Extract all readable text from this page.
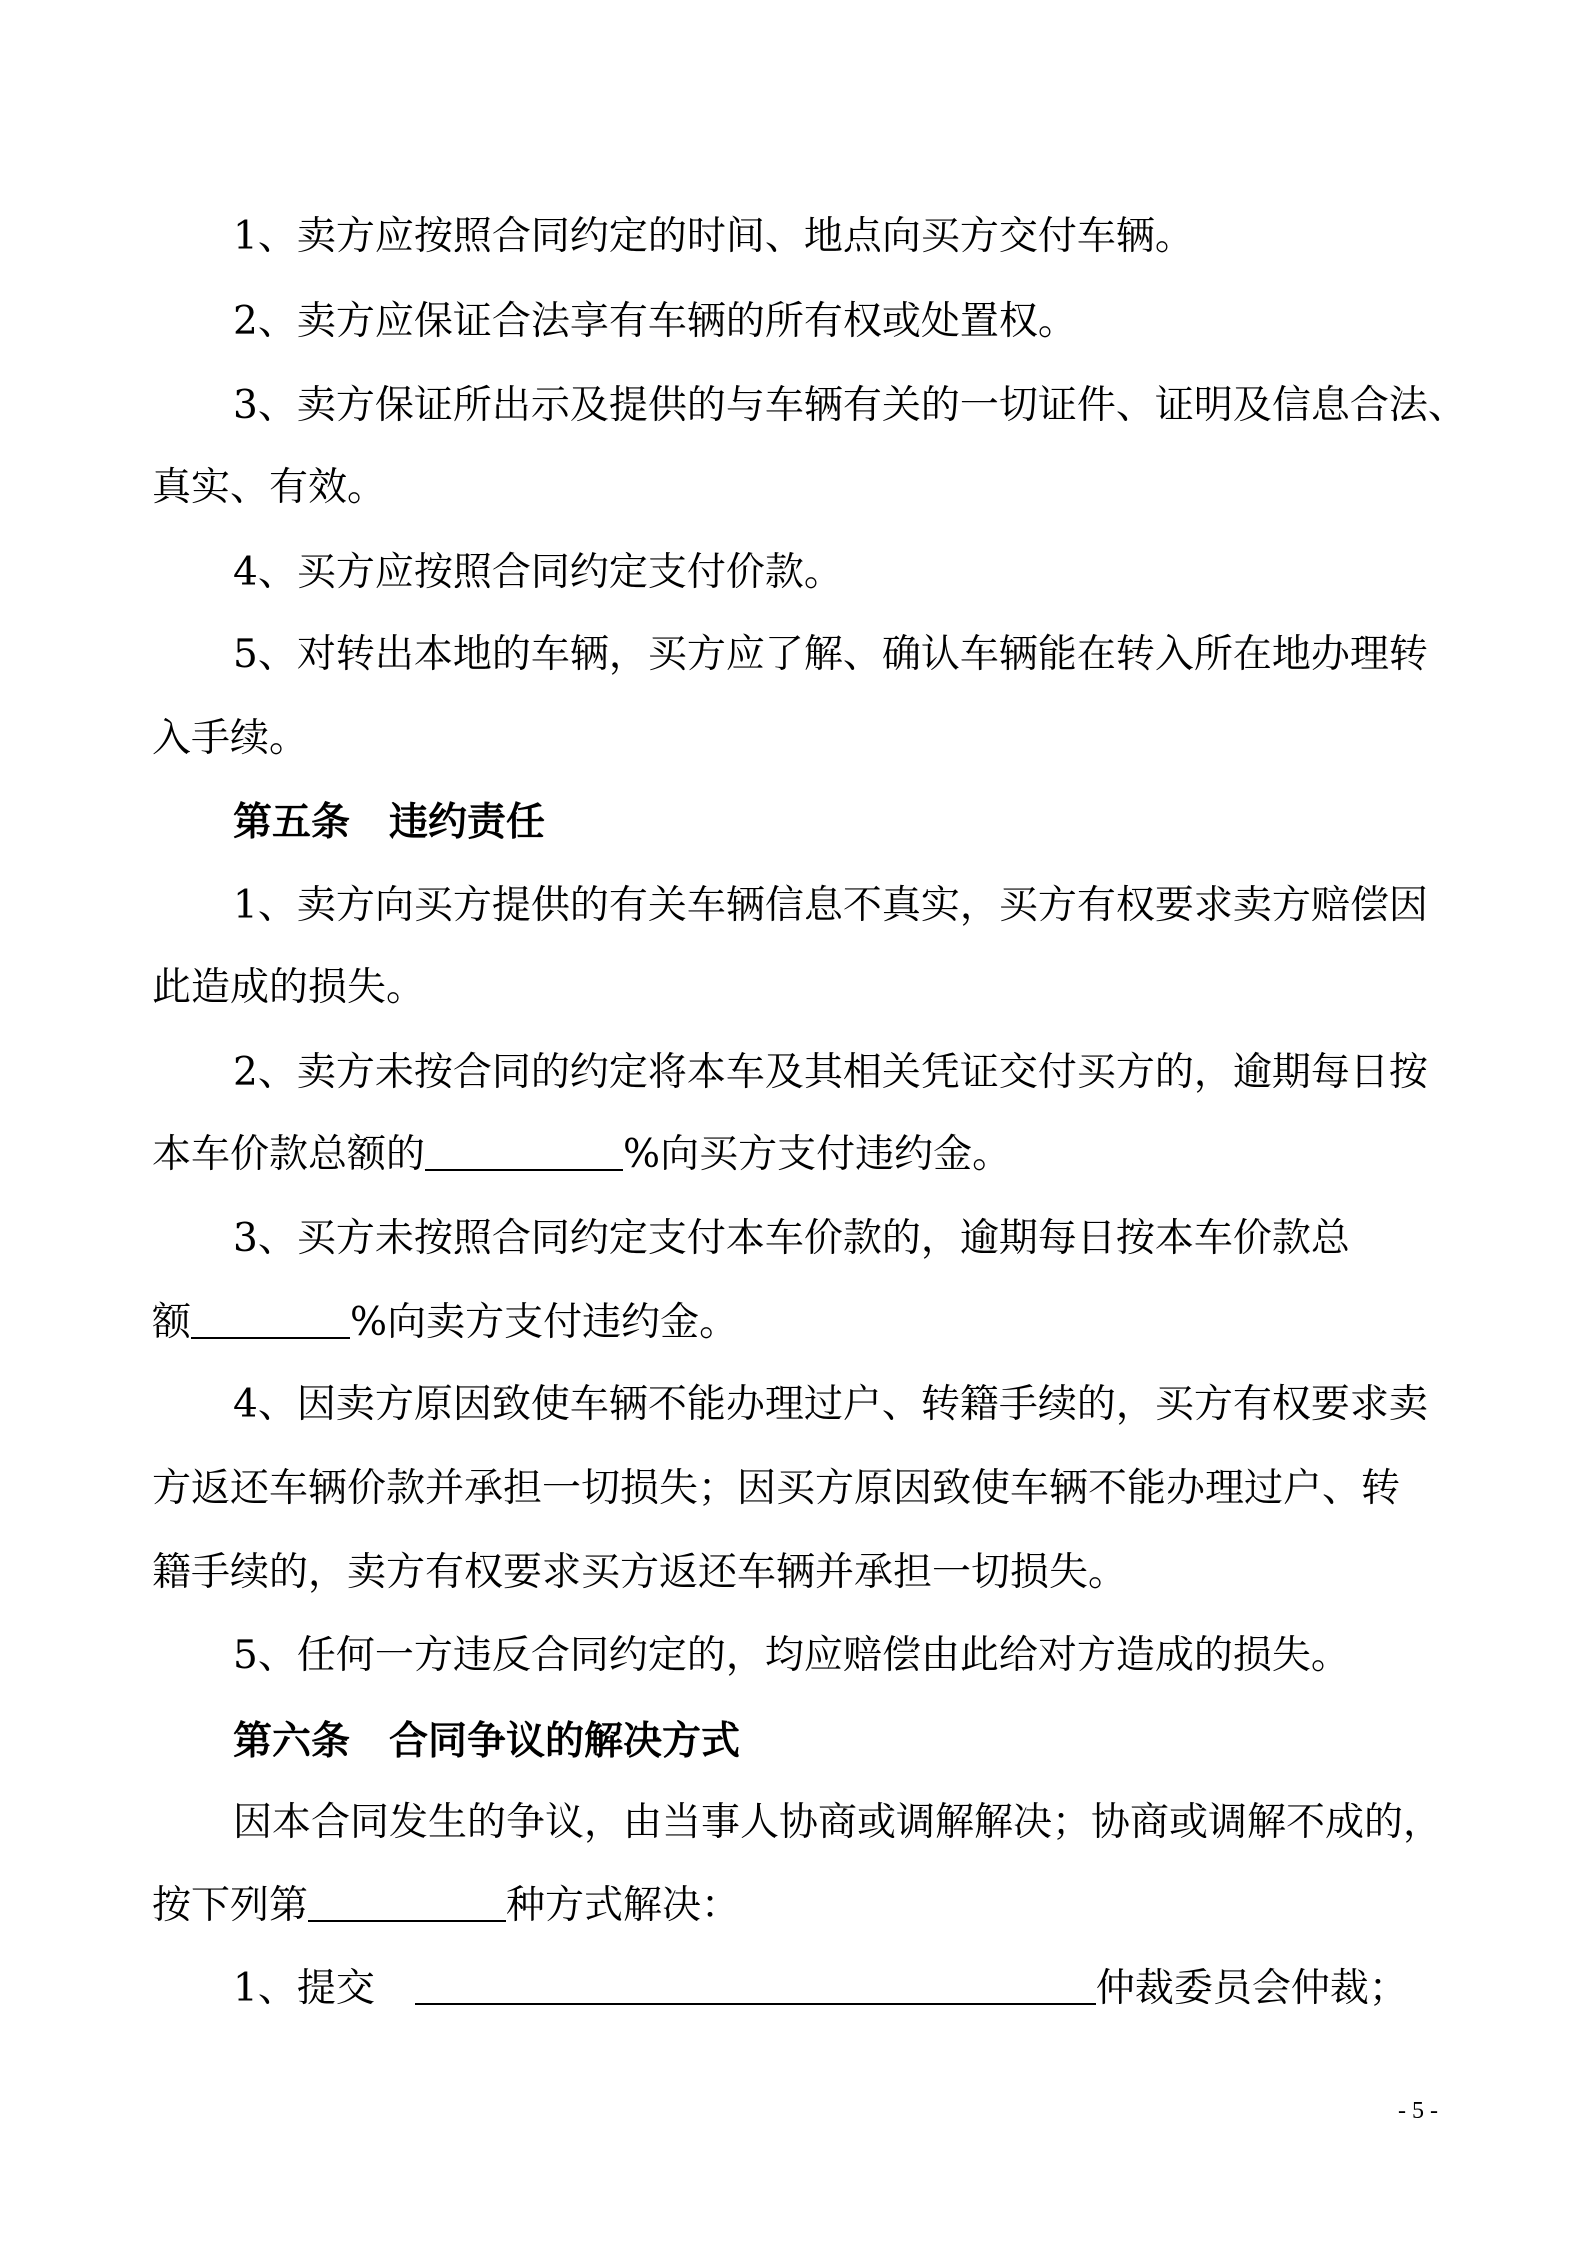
1、卖方应按照合同约定的时间、地点向买方交付车辆。

2、卖方应保证合法享有车辆的所有权或处置权。

3、卖方保证所出示及提供的与车辆有关的一切证件、证明及信息合法、

真实、有效。

4、买方应按照合同约定支付价款。

5、对转出本地的车辆，买方应了解、确认车辆能在转入所在地办理转

入手续。

第五条　违约责任

1、卖方向买方提供的有关车辆信息不真实，买方有权要求卖方赔偿因

此造成的损失。

2、卖方未按合同的约定将本车及其相关凭证交付买方的，逾期每日按

本车价款总额的	%向买方支付违约金。

3、买方未按照合同约定支付本车价款的，逾期每日按本车价款总

额	%向卖方支付违约金。

4、因卖方原因致使车辆不能办理过户、转籍手续的，买方有权要求卖

方返还车辆价款并承担一切损失；因买方原因致使车辆不能办理过户、转

籍手续的，卖方有权要求买方返还车辆并承担一切损失。

5、任何一方违反合同约定的，均应赔偿由此给对方造成的损失。

第六条　合同争议的解决方式

因本合同发生的争议，由当事人协商或调解解决；协商或调解不成的，

按下列第	种方式解决：

1、提交	仲裁委员会仲裁；

- 5 -
